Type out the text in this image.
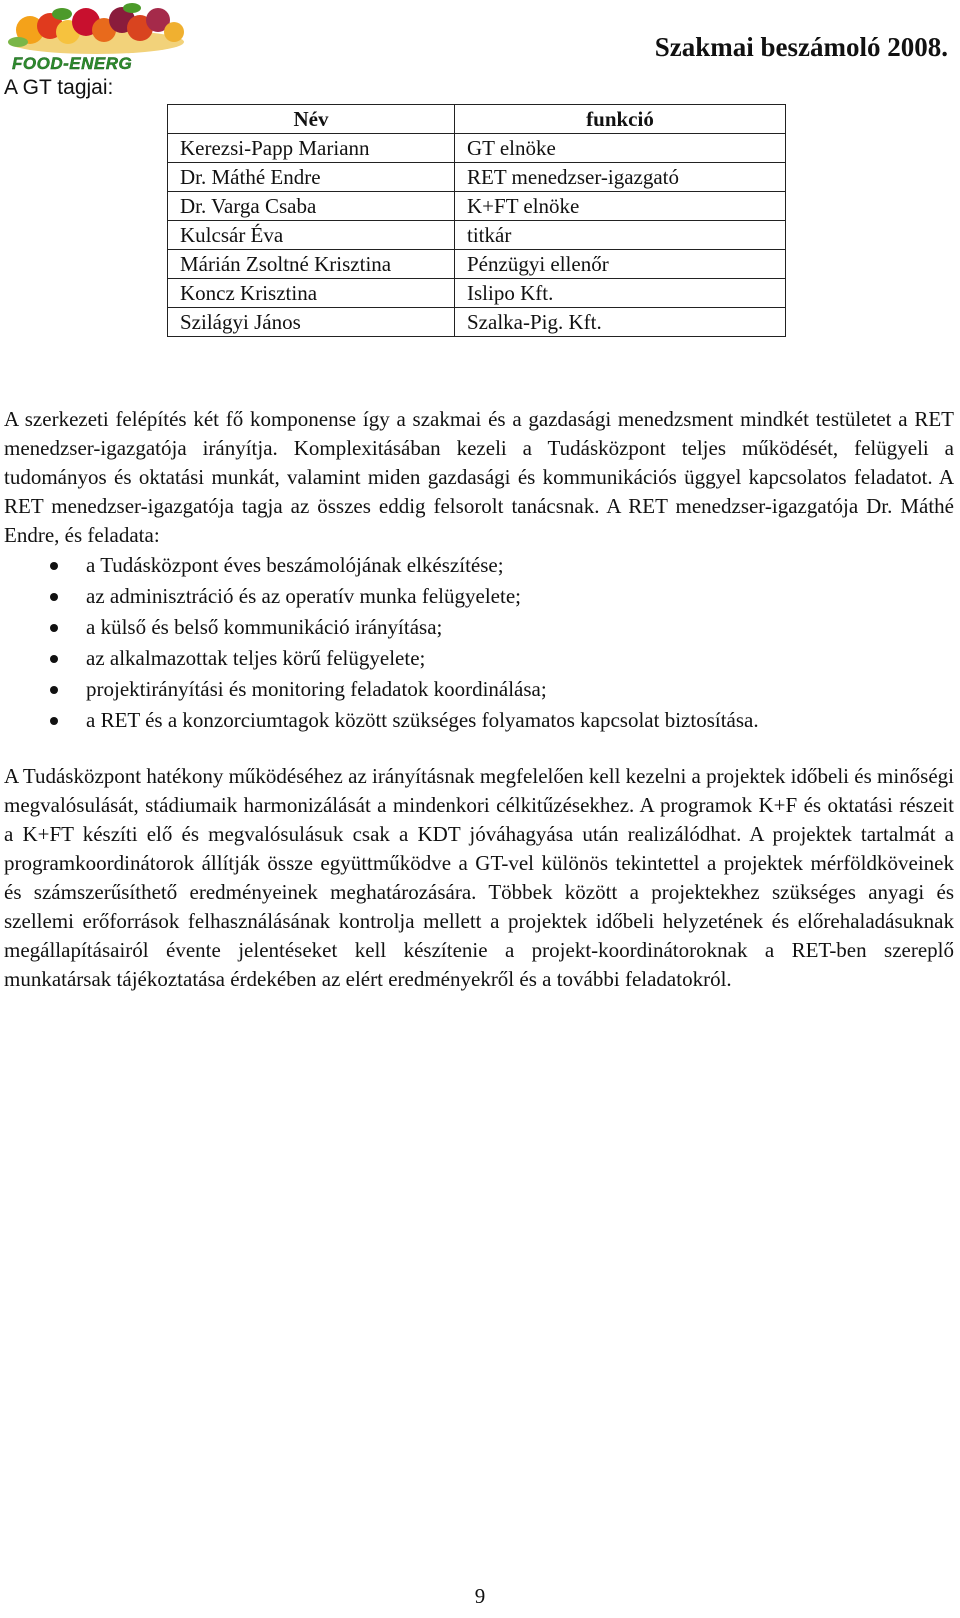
FOOD-ENERG
Szakmai beszámoló 2008.
A GT tagjai:
Név	funkció
Kerezsi-Papp Mariann	GT elnöke
Dr. Máthé Endre	RET menedzser-igazgató
Dr. Varga Csaba	K+FT elnöke
Kulcsár Éva	titkár
Márián Zsoltné Krisztina	Pénzügyi ellenőr
Koncz Krisztina	Islipo Kft.
Szilágyi János	Szalka-Pig. Kft.

A szerkezeti felépítés két fő komponense így a szakmai és a gazdasági menedzsment mindkét testületet a RET menedzser-igazgatója irányítja. Komplexitásában kezeli a Tudásközpont teljes működését, felügyeli a tudományos és oktatási munkát, valamint miden gazdasági és kommunikációs üggyel kapcsolatos feladatot. A RET menedzser-igazgatója tagja az összes eddig felsorolt tanácsnak. A RET menedzser-igazgatója Dr. Máthé Endre, és feladata:

a Tudásközpont éves beszámolójának elkészítése;
az adminisztráció és az operatív munka felügyelete;
a külső és belső kommunikáció irányítása;
az alkalmazottak teljes körű felügyelete;
projektirányítási és monitoring feladatok koordinálása;
a RET és a konzorciumtagok között szükséges folyamatos kapcsolat biztosítása.

A Tudásközpont hatékony működéséhez az irányításnak megfelelően kell kezelni a projektek időbeli és minőségi megvalósulását, stádiumaik harmonizálását a mindenkori célkitűzésekhez. A programok K+F és oktatási részeit a K+FT készíti elő és megvalósulásuk csak a KDT jóváhagyása után realizálódhat. A projektek tartalmát a programkoordinátorok állítják össze együttműködve a GT-vel különös tekintettel a projektek mérföldköveinek és számszerűsíthető eredményeinek meghatározására. Többek között a projektekhez szükséges anyagi és szellemi erőforrások felhasználásának kontrolja mellett a projektek időbeli helyzetének és előrehaladásuknak megállapításairól évente jelentéseket kell készítenie a projekt-koordinátoroknak a RET-ben szereplő munkatársak tájékoztatása érdekében az elért eredményekről és a további feladatokról.

9
